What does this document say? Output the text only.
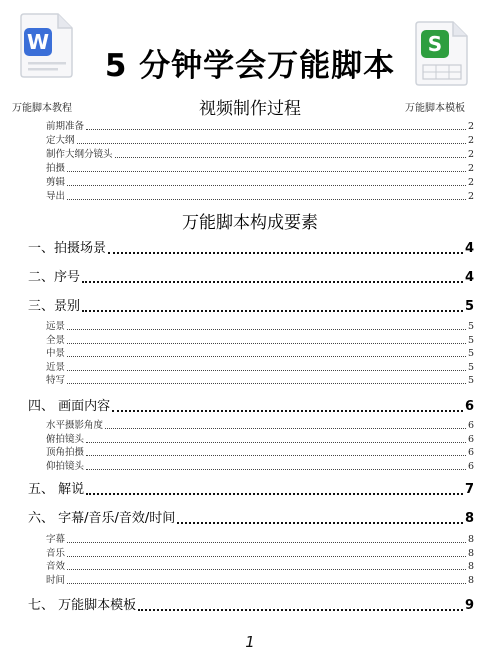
W
万能脚本教程
5 分钟学会万能脚本
S
万能脚本模板
视频制作过程
前期准备	2
定大纲	2
制作大纲分镜头	2
拍摄	2
剪辑	2
导出	2
万能脚本构成要素
一、拍摄场景	4
二、序号	4
三、景别	5
远景	5
全景	5
中景	5
近景	5
特写	5
四、 画面内容	6
水平摄影角度	6
俯拍镜头	6
顶角拍摄	6
仰拍镜头	6
五、 解说	7
六、 字幕/音乐/音效/时间	8
字幕	8
音乐	8
音效	8
时间	8
七、 万能脚本模板	9
1
